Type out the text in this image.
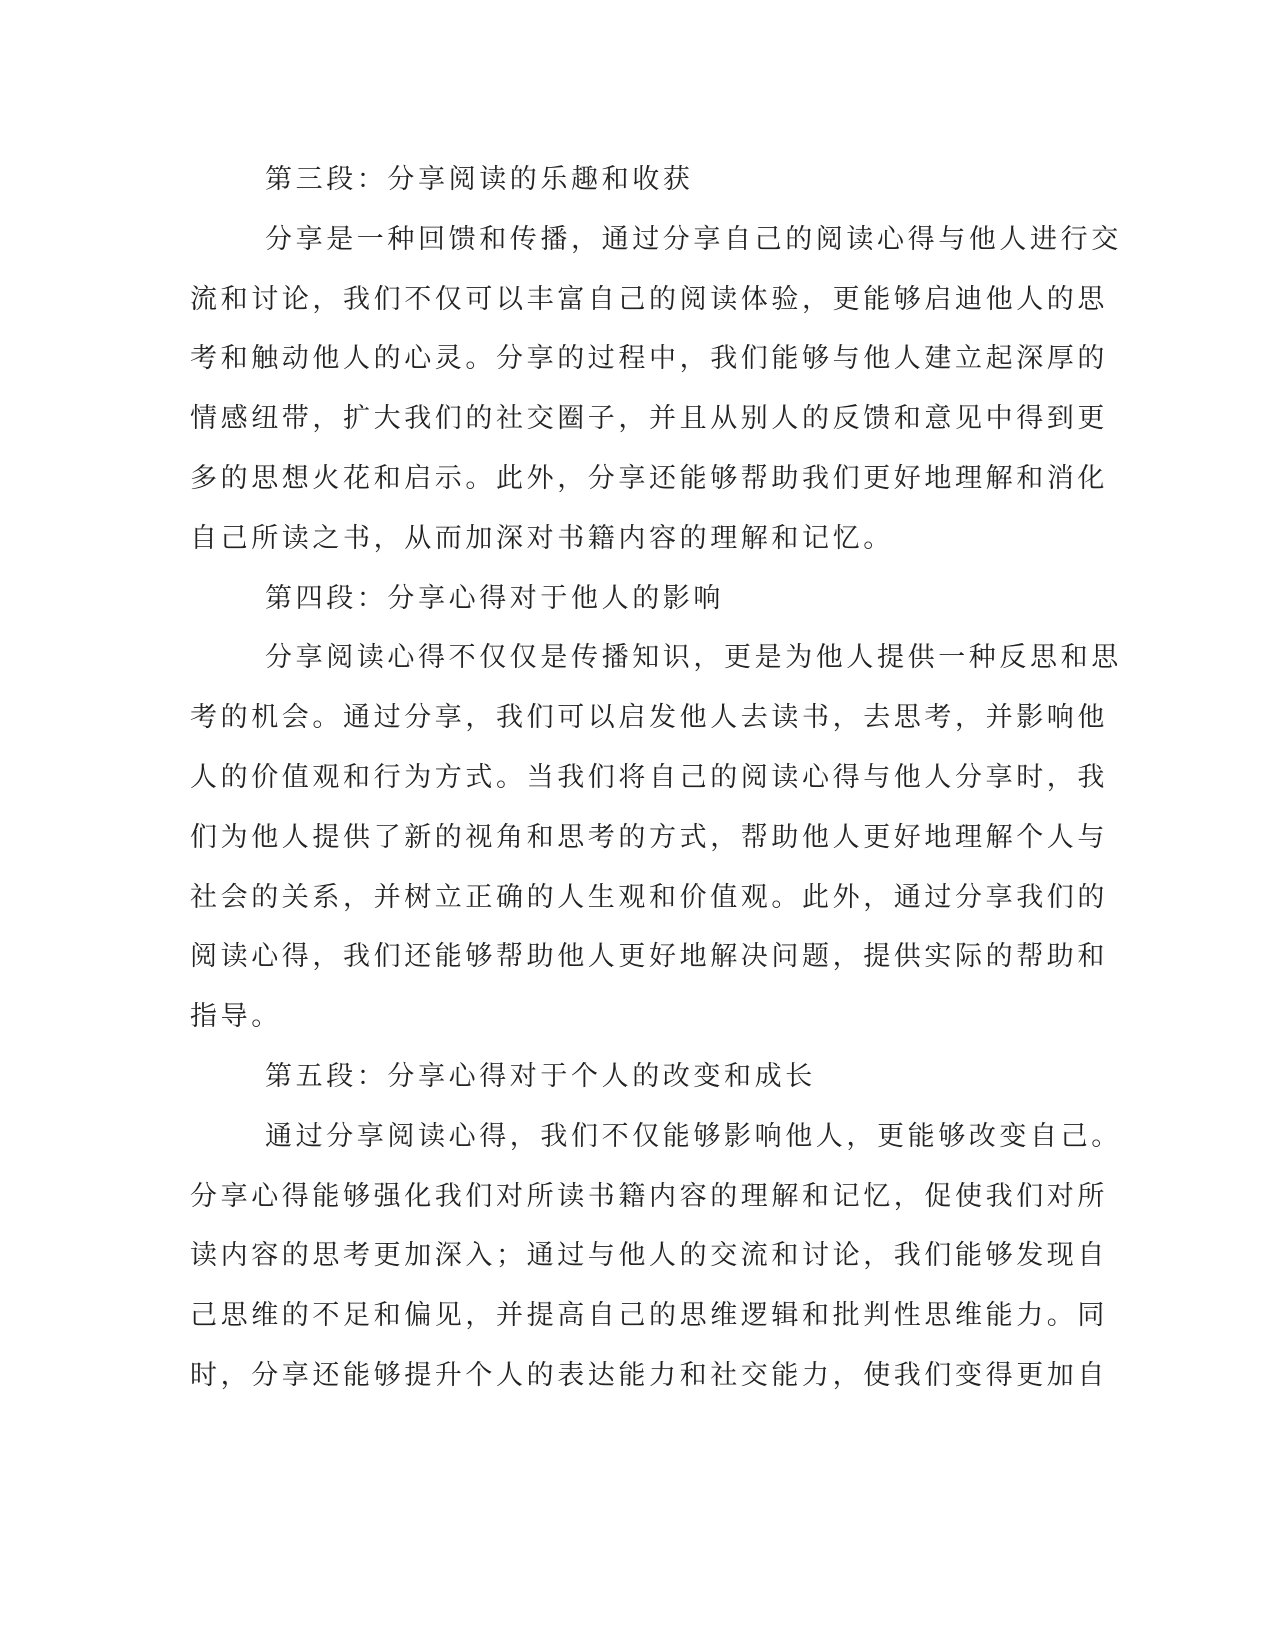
第三段：分享阅读的乐趣和收获
分享是一种回馈和传播，通过分享自己的阅读心得与他人进行交
流和讨论，我们不仅可以丰富自己的阅读体验，更能够启迪他人的思
考和触动他人的心灵。分享的过程中，我们能够与他人建立起深厚的
情感纽带，扩大我们的社交圈子，并且从别人的反馈和意见中得到更
多的思想火花和启示。此外，分享还能够帮助我们更好地理解和消化
自己所读之书，从而加深对书籍内容的理解和记忆。
第四段：分享心得对于他人的影响
分享阅读心得不仅仅是传播知识，更是为他人提供一种反思和思
考的机会。通过分享，我们可以启发他人去读书，去思考，并影响他
人的价值观和行为方式。当我们将自己的阅读心得与他人分享时，我
们为他人提供了新的视角和思考的方式，帮助他人更好地理解个人与
社会的关系，并树立正确的人生观和价值观。此外，通过分享我们的
阅读心得，我们还能够帮助他人更好地解决问题，提供实际的帮助和
指导。
第五段：分享心得对于个人的改变和成长
通过分享阅读心得，我们不仅能够影响他人，更能够改变自己。
分享心得能够强化我们对所读书籍内容的理解和记忆，促使我们对所
读内容的思考更加深入；通过与他人的交流和讨论，我们能够发现自
己思维的不足和偏见，并提高自己的思维逻辑和批判性思维能力。同
时，分享还能够提升个人的表达能力和社交能力，使我们变得更加自
